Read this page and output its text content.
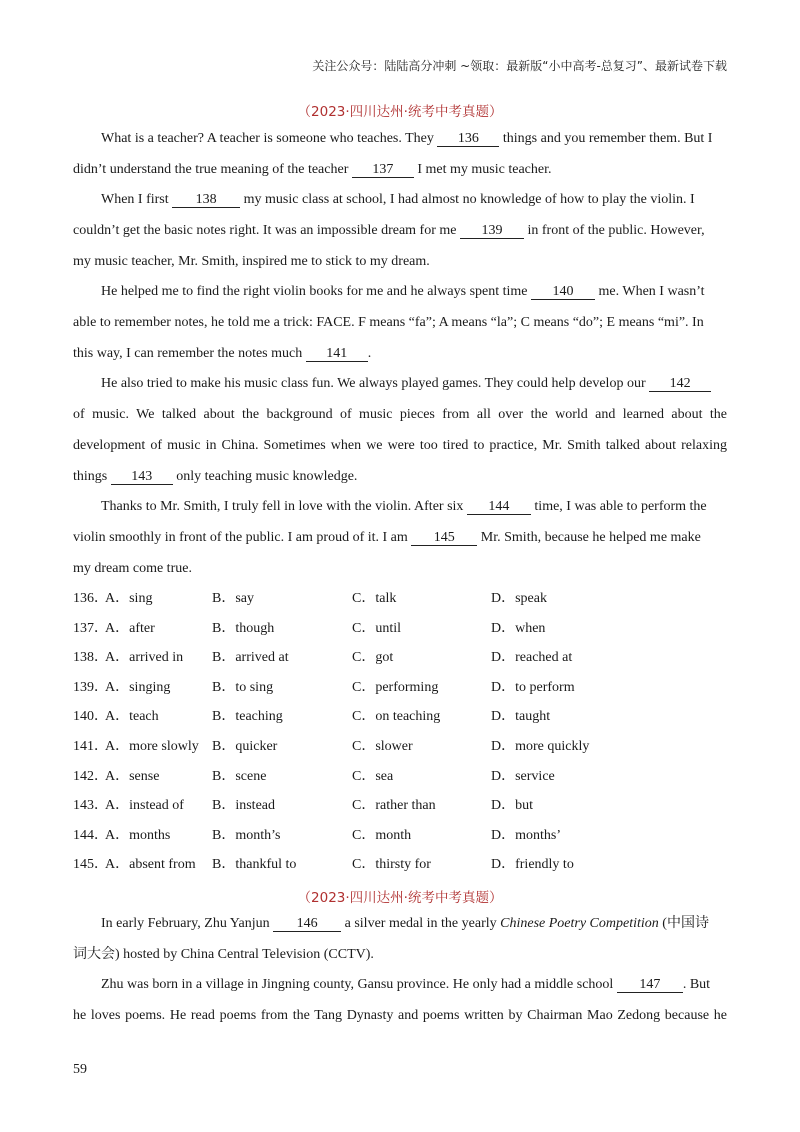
关注公众号：陆陆高分冲刺 ~领取：最新版“小中高考-总复习”、最新试卷下载
（2023·四川达州·统考中考真题）
What is a teacher? A teacher is someone who teaches. They 136 things and you remember them. But I
didn’t understand the true meaning of the teacher 137 I met my music teacher.
When I first 138 my music class at school, I had almost no knowledge of how to play the violin. I
couldn’t get the basic notes right. It was an impossible dream for me 139 in front of the public. However,
my music teacher, Mr. Smith, inspired me to stick to my dream.
He helped me to find the right violin books for me and he always spent time 140 me. When I wasn’t
able to remember notes, he told me a trick: FACE. F means “fa”; A means “la”; C means “do”; E means “mi”. In
this way, I can remember the notes much 141 .
He also tried to make his music class fun. We always played games. They could help develop our 142
of music. We talked about the background of music pieces from all over the world and learned about the
development of music in China. Sometimes when we were too tired to practice, Mr. Smith talked about relaxing
things 143 only teaching music knowledge.
Thanks to Mr. Smith, I truly fell in love with the violin. After six 144 time, I was able to perform the
violin smoothly in front of the public. I am proud of it. I am 145 Mr. Smith, because he helped me make
my dream come true.
136．
A．sing	B．say	C．talk	D．speak
137．
A．after	B．though	C．until	D．when
138．
A．arrived in B．arrived at	C．got	D．reached at
139．
A．singing	B．to sing	C．performing	D．to perform
140．
A．teach	B．teaching	C．on teaching	D．taught
141．
A．more slowly B．quicker	C．slower	D．more quickly
142．
A．sense	B．scene	C．sea	D．service
143．
A．instead of B．instead	C．rather than	D．but
144．
A．months	B．month’s	C．month	D．months’
145．
A．absent from B．thankful to	C．thirsty for	D．friendly to
（2023·四川达州·统考中考真题）
In early February, Zhu Yanjun 146 a silver medal in the yearly Chinese Poetry Competition (中国诗
词大会) hosted by China Central Television (CCTV).
Zhu was born in a village in Jingning county, Gansu province. He only had a middle school 147 . But
he loves poems. He read poems from the Tang Dynasty and poems written by Chairman Mao Zedong because he
59
